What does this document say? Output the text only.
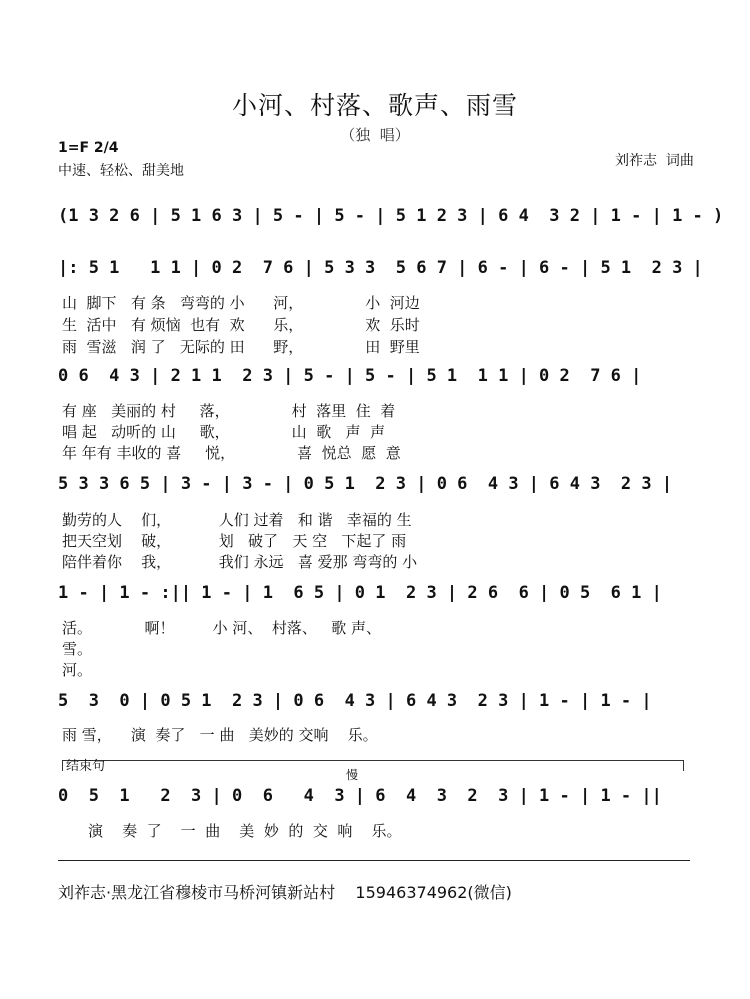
小河、村落、歌声、雨雪
（独  唱）
1=F 2/4
中速、轻松、甜美地
刘祚志  词曲
(1 3 2 6 | 5 1 6 3 | 5 - | 5 - | 5 1 2 3 | 6 4  3 2 | 1 - | 1 - )
|: 5 1   1 1 | 0 2  7 6 | 5 3 3  5 6 7 | 6 - | 6 - | 5 1  2 3 |
山  脚下   有 条   弯弯的 小      河，             小  河边
生  活中   有 烦恼  也有  欢      乐，             欢  乐时
雨  雪滋   润 了   无际的 田      野，             田  野里
0 6  4 3 | 2 1 1  2 3 | 5 - | 5 - | 5 1  1 1 | 0 2  7 6 |
有 座   美丽的 村     落，             村  落里  住  着
唱 起   动听的 山     歌，             山  歌   声  声
年 年有 丰收的 喜     悦，             喜  悦总  愿  意
5 3 3 6 5 | 3 - | 3 - | 0 5 1  2 3 | 0 6  4 3 | 6 4 3  2 3 |
勤劳的人    们，          人们 过着   和 谐   幸福的 生
把天空划    破，          划   破了   天 空   下起了 雨
陪伴着你    我，          我们 永远   喜 爱那 弯弯的 小
1 - | 1 - :|| 1 - | 1  6 5 | 0 1  2 3 | 2 6  6 | 0 5  6 1 |
活。           啊！        小 河、  村落、   歌 声、
雪。
河。
5  3  0 | 0 5 1  2 3 | 0 6  4 3 | 6 4 3  2 3 | 1 - | 1 - |
雨 雪，    演  奏了   一 曲   美妙的 交响    乐。
结束句
慢
0  5  1   2  3 | 0  6   4  3 | 6  4  3  2  3 | 1 - | 1 - ||
演    奏  了    一  曲    美  妙  的  交  响    乐。
刘祚志·黑龙江省穆棱市马桥河镇新站村    15946374962(微信)
